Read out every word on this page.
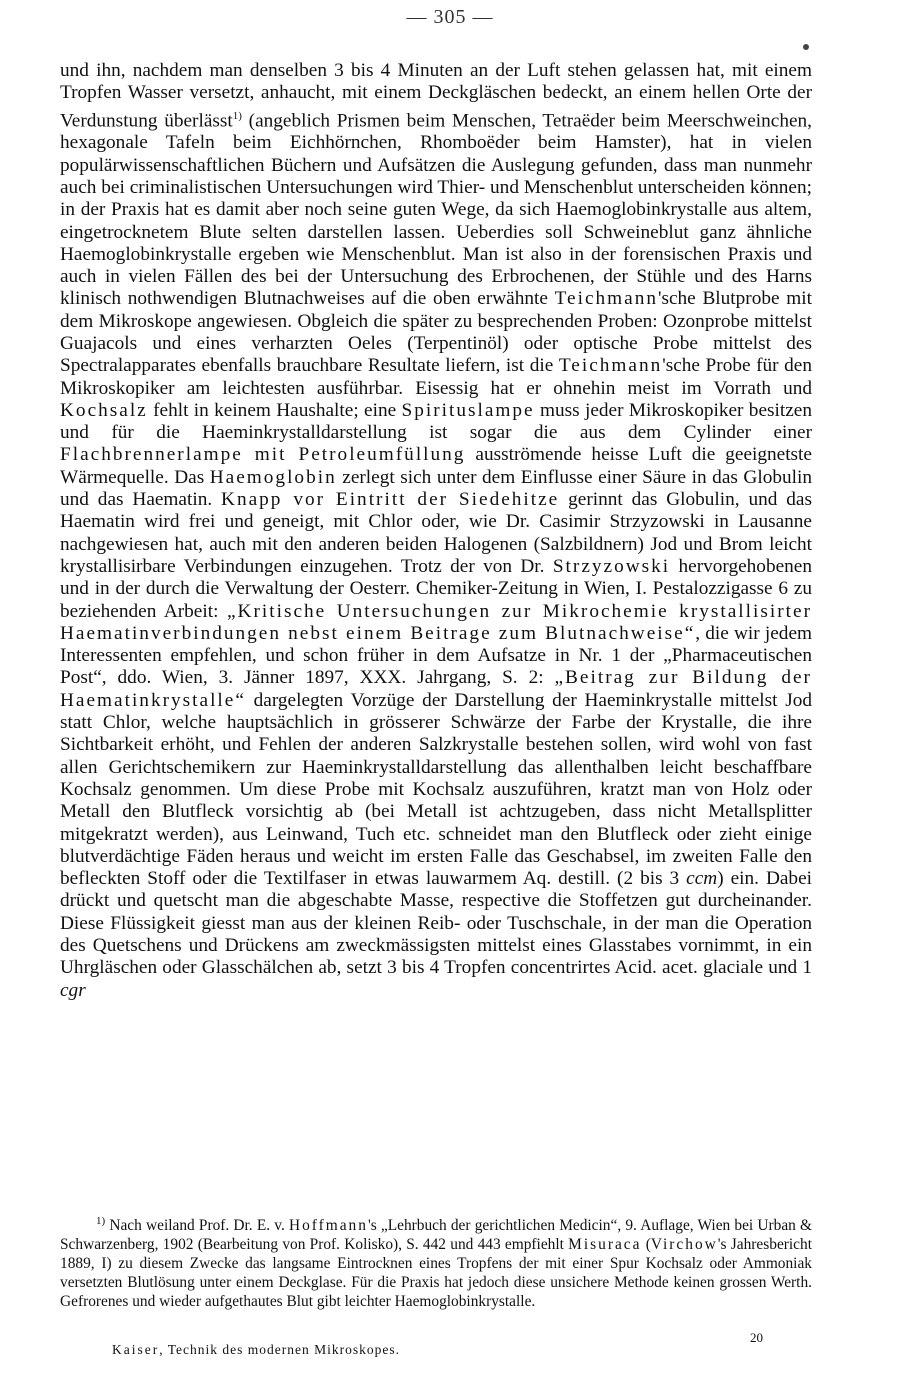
— 305 —

und ihn, nachdem man denselben 3 bis 4 Minuten an der Luft stehen gelassen hat, mit einem Tropfen Wasser versetzt, anhaucht, mit einem Deckgläschen bedeckt, an einem hellen Orte der Verdunstung überlässt$^{1)}$ (angeblich Prismen beim Menschen, Tetraëder beim Meerschweinchen, hexagonale Tafeln beim Eichhörnchen, Rhomboëder beim Hamster), hat in vielen populärwissenschaftlichen Büchern und Aufsätzen die Auslegung gefunden, dass man nunmehr auch bei criminalistischen Untersuchungen wird Thier- und Menschenblut unterscheiden können; in der Praxis hat es damit aber noch seine guten Wege, da sich Haemoglobinkrystalle aus altem, eingetrocknetem Blute selten darstellen lassen. Ueberdies soll Schweineblut ganz ähnliche Haemoglobinkrystalle ergeben wie Menschenblut. Man ist also in der forensischen Praxis und auch in vielen Fällen des bei der Untersuchung des Erbrochenen, der Stühle und des Harns klinisch nothwendigen Blutnachweises auf die oben erwähnte Teichmann'sche Blutprobe mit dem Mikroskope angewiesen. Obgleich die später zu besprechenden Proben: Ozonprobe mittelst Guajacols und eines verharzten Oeles (Terpentinöl) oder optische Probe mittelst des Spectralapparates ebenfalls brauchbare Resultate liefern, ist die Teichmann'sche Probe für den Mikroskopiker am leichtesten ausführbar. Eisessig hat er ohnehin meist im Vorrath und Kochsalz fehlt in keinem Haushalte; eine Spirituslampe muss jeder Mikroskopiker besitzen und für die Haeminkrystalldarstellung ist sogar die aus dem Cylinder einer Flachbrennerlampe mit Petroleumfüllung ausströmende heisse Luft die geeignetste Wärmequelle. Das Haemoglobin zerlegt sich unter dem Einflusse einer Säure in das Globulin und das Haematin. Knapp vor Eintritt der Siedehitze gerinnt das Globulin, und das Haematin wird frei und geneigt, mit Chlor oder, wie Dr. Casimir Strzyzowski in Lausanne nachgewiesen hat, auch mit den anderen beiden Halogenen (Salzbildnern) Jod und Brom leicht krystallisirbare Verbindungen einzugehen. Trotz der von Dr. Strzyzowski hervorgehobenen und in der durch die Verwaltung der Oesterr. Chemiker-Zeitung in Wien, I. Pestalozzigasse 6 zu beziehenden Arbeit: „Kritische Untersuchungen zur Mikrochemie krystallisirter Haematinverbindungen nebst einem Beitrage zum Blutnachweise“, die wir jedem Interessenten empfehlen, und schon früher in dem Aufsatze in Nr. 1 der „Pharmaceutischen Post“, ddo. Wien, 3. Jänner 1897, XXX. Jahrgang, S. 2: „Beitrag zur Bildung der Haematinkrystalle“ dargelegten Vorzüge der Darstellung der Haeminkrystalle mittelst Jod statt Chlor, welche hauptsächlich in grösserer Schwärze der Farbe der Krystalle, die ihre Sichtbarkeit erhöht, und Fehlen der anderen Salzkrystalle bestehen sollen, wird wohl von fast allen Gerichtschemikern zur Haeminkrystalldarstellung das allenthalben leicht beschaffbare Kochsalz genommen. Um diese Probe mit Kochsalz auszuführen, kratzt man von Holz oder Metall den Blutfleck vorsichtig ab (bei Metall ist achtzugeben, dass nicht Metallsplitter mitgekratzt werden), aus Leinwand, Tuch etc. schneidet man den Blutfleck oder zieht einige blutverdächtige Fäden heraus und weicht im ersten Falle das Geschabsel, im zweiten Falle den befleckten Stoff oder die Textilfaser in etwas lauwarmem Aq. destill. (2 bis 3 ccm) ein. Dabei drückt und quetscht man die abgeschabte Masse, respective die Stoffetzen gut durcheinander. Diese Flüssigkeit giesst man aus der kleinen Reib- oder Tuschschale, in der man die Operation des Quetschens und Drückens am zweckmässigsten mittelst eines Glasstabes vornimmt, in ein Uhrgläschen oder Glasschälchen ab, setzt 3 bis 4 Tropfen concentrirtes Acid. acet. glaciale und 1 cgr

$^{1)}$ Nach weiland Prof. Dr. E. v. Hoffmann's „Lehrbuch der gerichtlichen Medicin“, 9. Auflage, Wien bei Urban & Schwarzenberg, 1902 (Bearbeitung von Prof. Kolisko), S. 442 und 443 empfiehlt Misuraca (Virchow's Jahresbericht 1889, I) zu diesem Zwecke das langsame Eintrocknen eines Tropfens der mit einer Spur Kochsalz oder Ammoniak versetzten Blutlösung unter einem Deckglase. Für die Praxis hat jedoch diese unsichere Methode keinen grossen Werth. Gefrorenes und wieder aufgethautes Blut gibt leichter Haemoglobinkrystalle.

Kaiser, Technik des modernen Mikroskopes.
20
